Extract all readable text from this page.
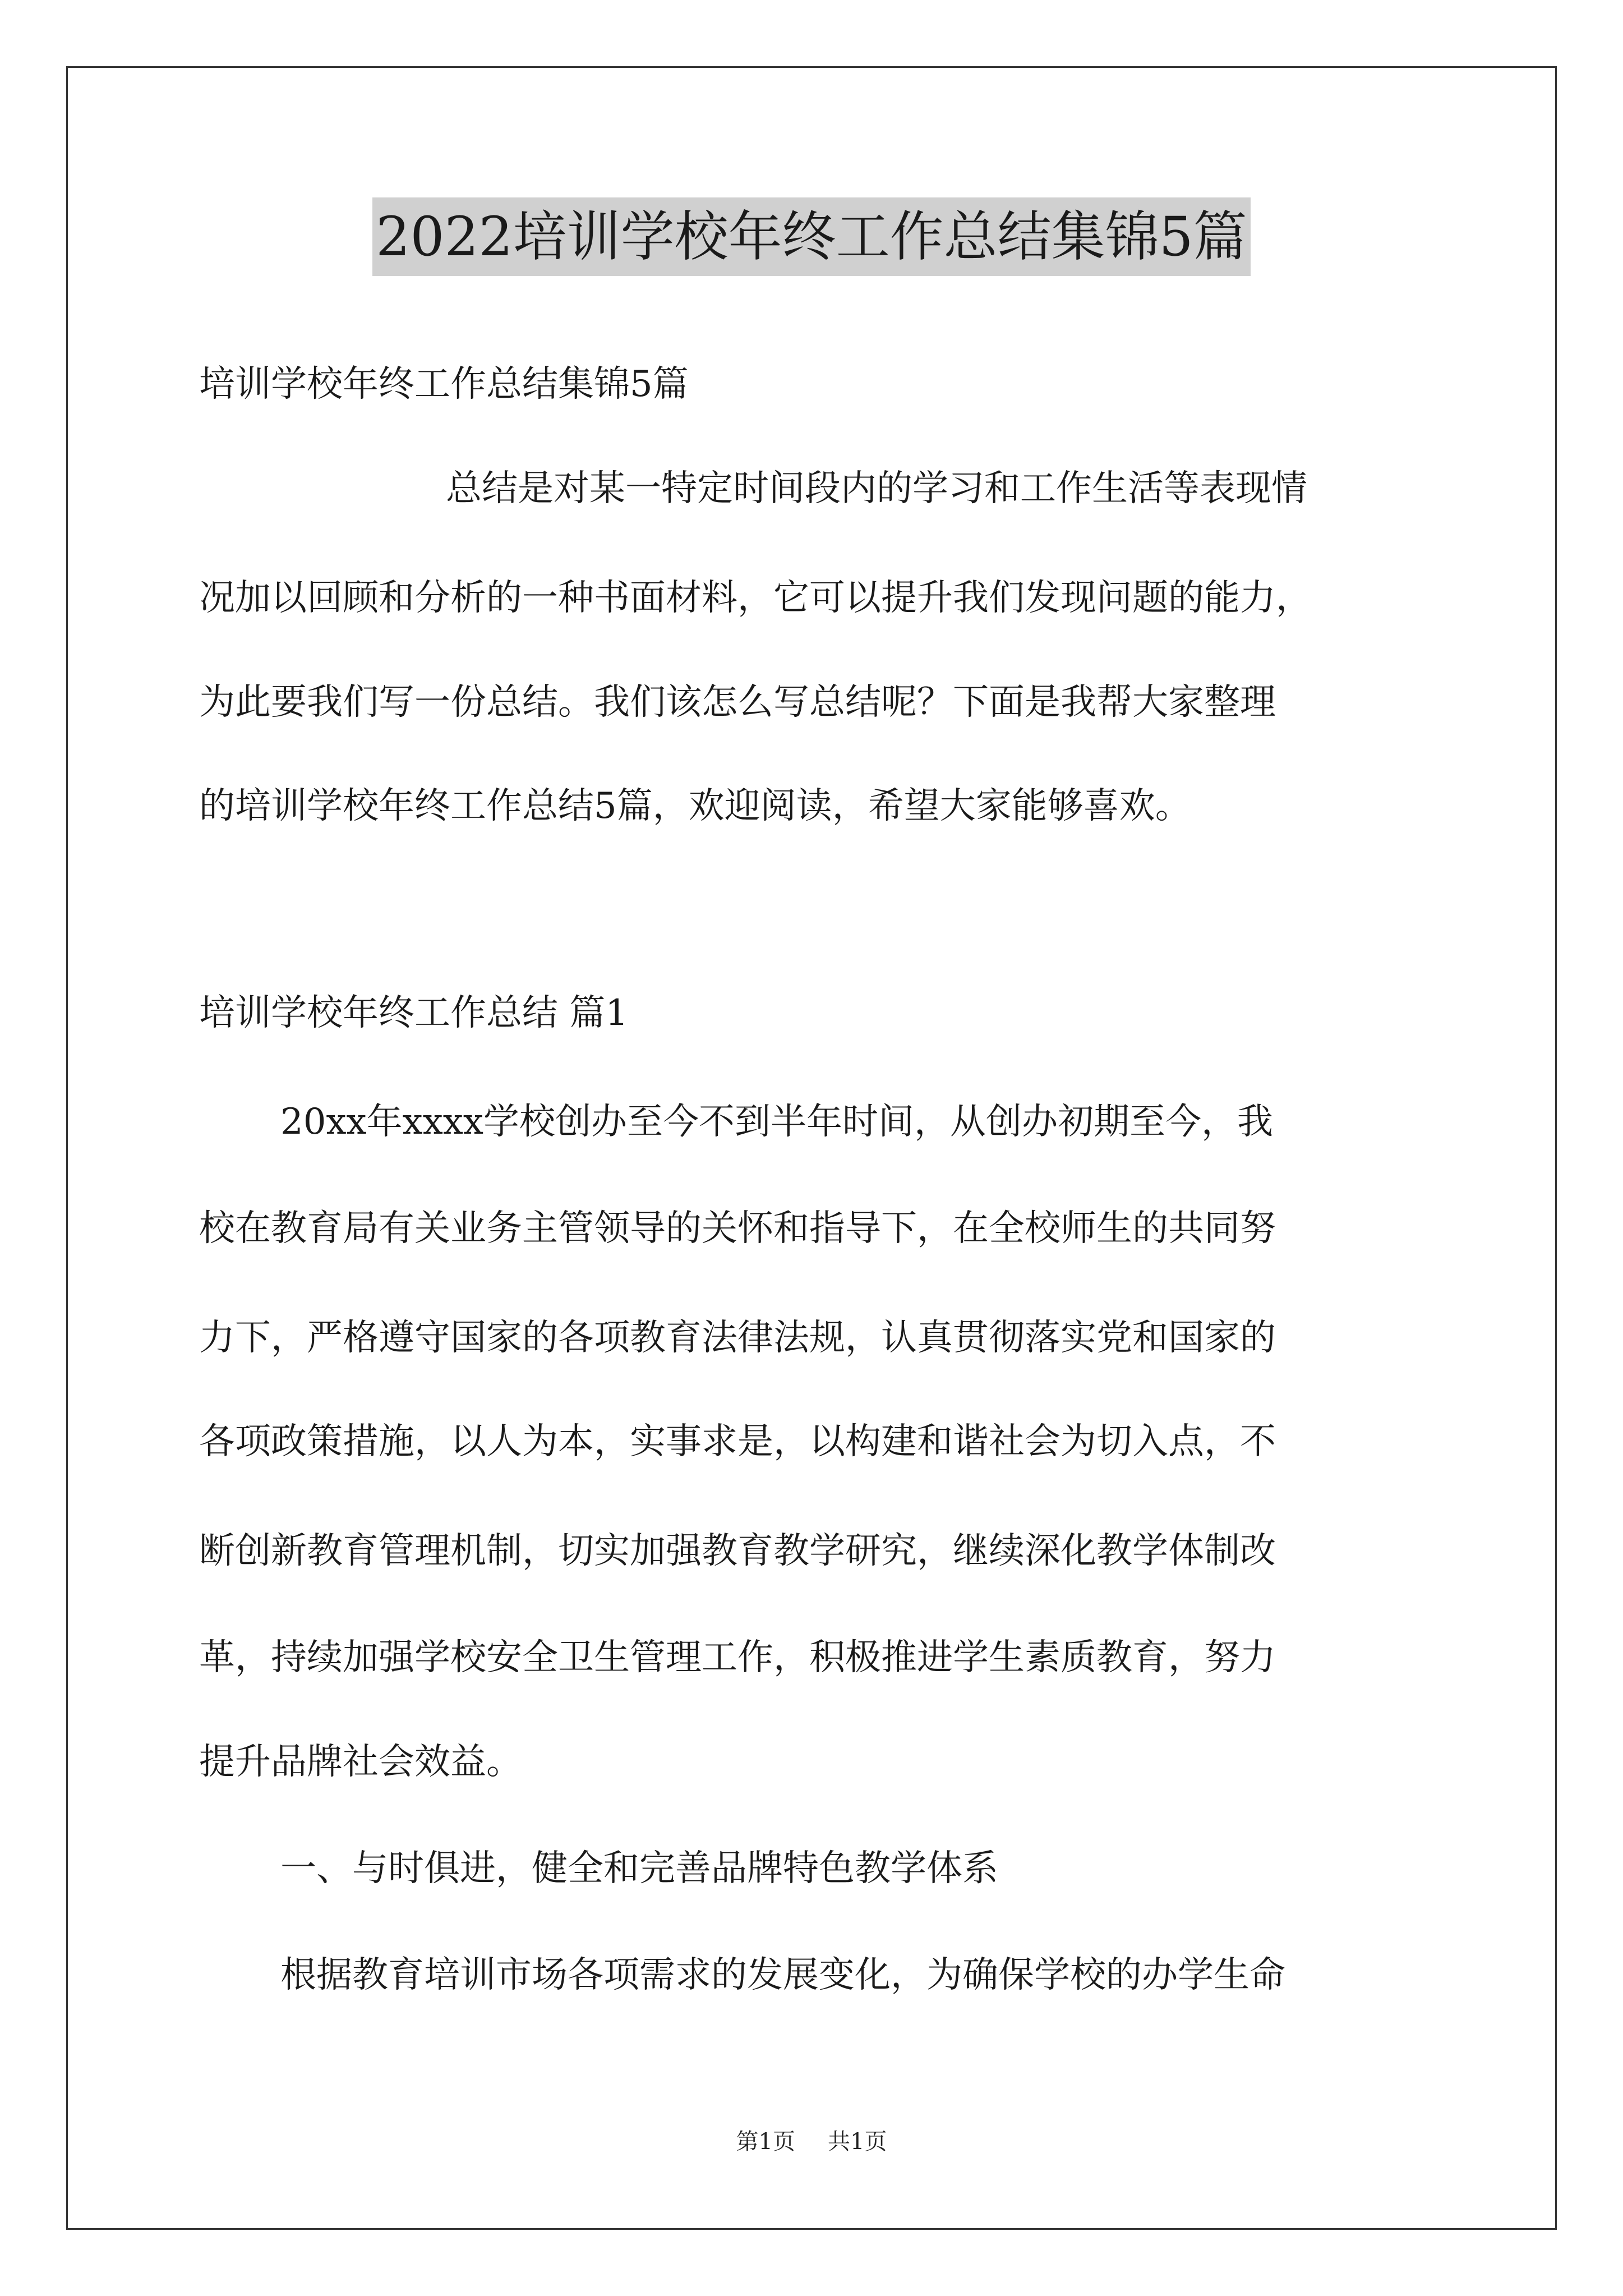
2022培训学校年终工作总结集锦5篇

培训学校年终工作总结集锦5篇

总结是对某一特定时间段内的学习和工作生活等表现情

况加以回顾和分析的一种书面材料，它可以提升我们发现问题的能力，

为此要我们写一份总结。我们该怎么写总结呢？下面是我帮大家整理

的培训学校年终工作总结5篇，欢迎阅读，希望大家能够喜欢。

培训学校年终工作总结 篇1

20xx年xxxx学校创办至今不到半年时间，从创办初期至今，我

校在教育局有关业务主管领导的关怀和指导下，在全校师生的共同努

力下，严格遵守国家的各项教育法律法规，认真贯彻落实党和国家的

各项政策措施，以人为本，实事求是，以构建和谐社会为切入点，不

断创新教育管理机制，切实加强教育教学研究，继续深化教学体制改

革，持续加强学校安全卫生管理工作，积极推进学生素质教育，努力

提升品牌社会效益。

一、与时俱进，健全和完善品牌特色教学体系

根据教育培训市场各项需求的发展变化，为确保学校的办学生命

第1页 共1页
